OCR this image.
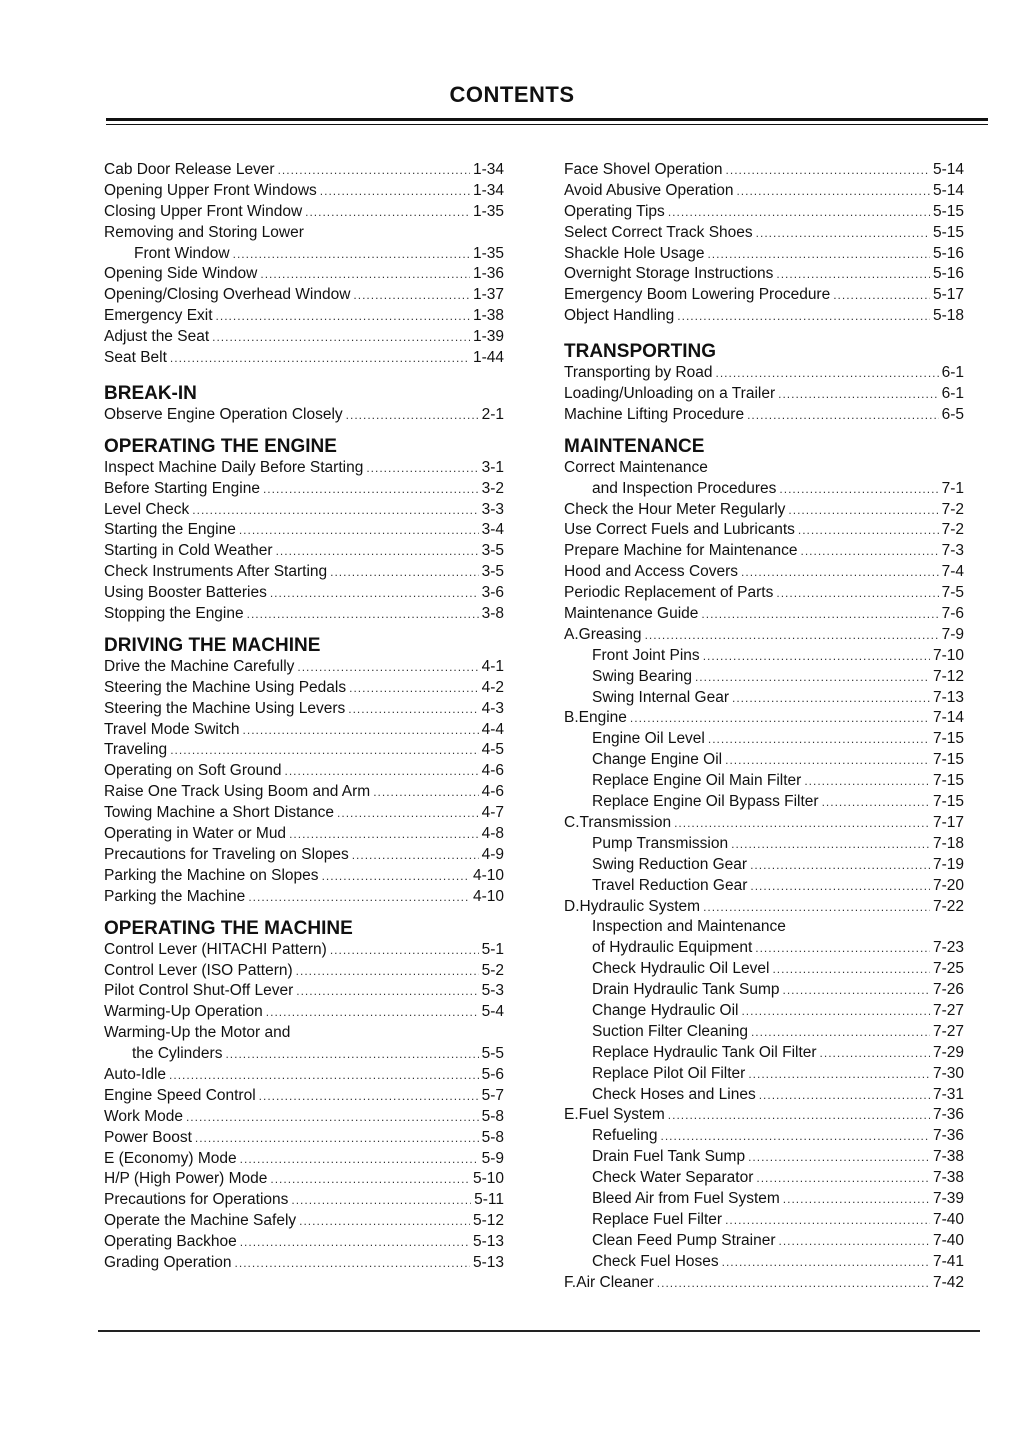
CONTENTS
Cab Door Release Lever .....	1-34
Opening Upper Front Windows .....	1-34
Closing Upper Front Window .....	1-35
Removing and Storing Lower
Front Window .....	1-35
Opening Side Window .....	1-36
Opening/Closing Overhead Window .....	1-37
Emergency Exit .....	1-38
Adjust the Seat .....	1-39
Seat Belt .....	1-44
BREAK-IN
Observe Engine Operation Closely .....	2-1
OPERATING THE ENGINE
Inspect Machine Daily Before Starting .....	3-1
Before Starting Engine .....	3-2
Level Check .....	3-3
Starting the Engine .....	3-4
Starting in Cold Weather .....	3-5
Check Instruments After Starting .....	3-5
Using Booster Batteries .....	3-6
Stopping the Engine .....	3-8
DRIVING THE MACHINE
Drive the Machine Carefully .....	4-1
Steering the Machine Using Pedals .....	4-2
Steering the Machine Using Levers .....	4-3
Travel Mode Switch .....	4-4
Traveling .....	4-5
Operating on Soft Ground .....	4-6
Raise One Track Using Boom and Arm .....	4-6
Towing Machine a Short Distance .....	4-7
Operating in Water or Mud .....	4-8
Precautions for Traveling on Slopes .....	4-9
Parking the Machine on Slopes .....	4-10
Parking the Machine .....	4-10
OPERATING THE MACHINE
Control Lever (HITACHI Pattern) .....	5-1
Control Lever (ISO Pattern) .....	5-2
Pilot Control Shut-Off Lever .....	5-3
Warming-Up Operation .....	5-4
Warming-Up the Motor and
the Cylinders .....	5-5
Auto-Idle .....	5-6
Engine Speed Control .....	5-7
Work Mode .....	5-8
Power Boost .....	5-8
E (Economy) Mode .....	5-9
H/P (High Power) Mode .....	5-10
Precautions for Operations .....	5-11
Operate the Machine Safely .....	5-12
Operating Backhoe .....	5-13
Grading Operation .....	5-13
Face Shovel Operation .....	5-14
Avoid Abusive Operation .....	5-14
Operating Tips .....	5-15
Select Correct Track Shoes .....	5-15
Shackle Hole Usage .....	5-16
Overnight Storage Instructions .....	5-16
Emergency Boom Lowering Procedure .....	5-17
Object Handling .....	5-18
TRANSPORTING
Transporting by Road .....	6-1
Loading/Unloading on a Trailer .....	6-1
Machine Lifting Procedure .....	6-5
MAINTENANCE
Correct Maintenance
and Inspection Procedures .....	7-1
Check the Hour Meter Regularly .....	7-2
Use Correct Fuels and Lubricants .....	7-2
Prepare Machine for Maintenance .....	7-3
Hood and Access Covers .....	7-4
Periodic Replacement of Parts .....	7-5
Maintenance Guide .....	7-6
A. Greasing .....	7-9
Front Joint Pins .....	7-10
Swing Bearing .....	7-12
Swing Internal Gear .....	7-13
B. Engine .....	7-14
Engine Oil Level .....	7-15
Change Engine Oil .....	7-15
Replace Engine Oil Main Filter .....	7-15
Replace Engine Oil Bypass Filter .....	7-15
C. Transmission .....	7-17
Pump Transmission .....	7-18
Swing Reduction Gear .....	7-19
Travel Reduction Gear .....	7-20
D. Hydraulic System .....	7-22
Inspection and Maintenance
of Hydraulic Equipment .....	7-23
Check Hydraulic Oil Level .....	7-25
Drain Hydraulic Tank Sump .....	7-26
Change Hydraulic Oil .....	7-27
Suction Filter Cleaning .....	7-27
Replace Hydraulic Tank Oil Filter .....	7-29
Replace Pilot Oil Filter .....	7-30
Check Hoses and Lines .....	7-31
E. Fuel System .....	7-36
Refueling .....	7-36
Drain Fuel Tank Sump .....	7-38
Check Water Separator .....	7-38
Bleed Air from Fuel System .....	7-39
Replace Fuel Filter .....	7-40
Clean Feed Pump Strainer .....	7-40
Check Fuel Hoses .....	7-41
F. Air Cleaner .....	7-42
